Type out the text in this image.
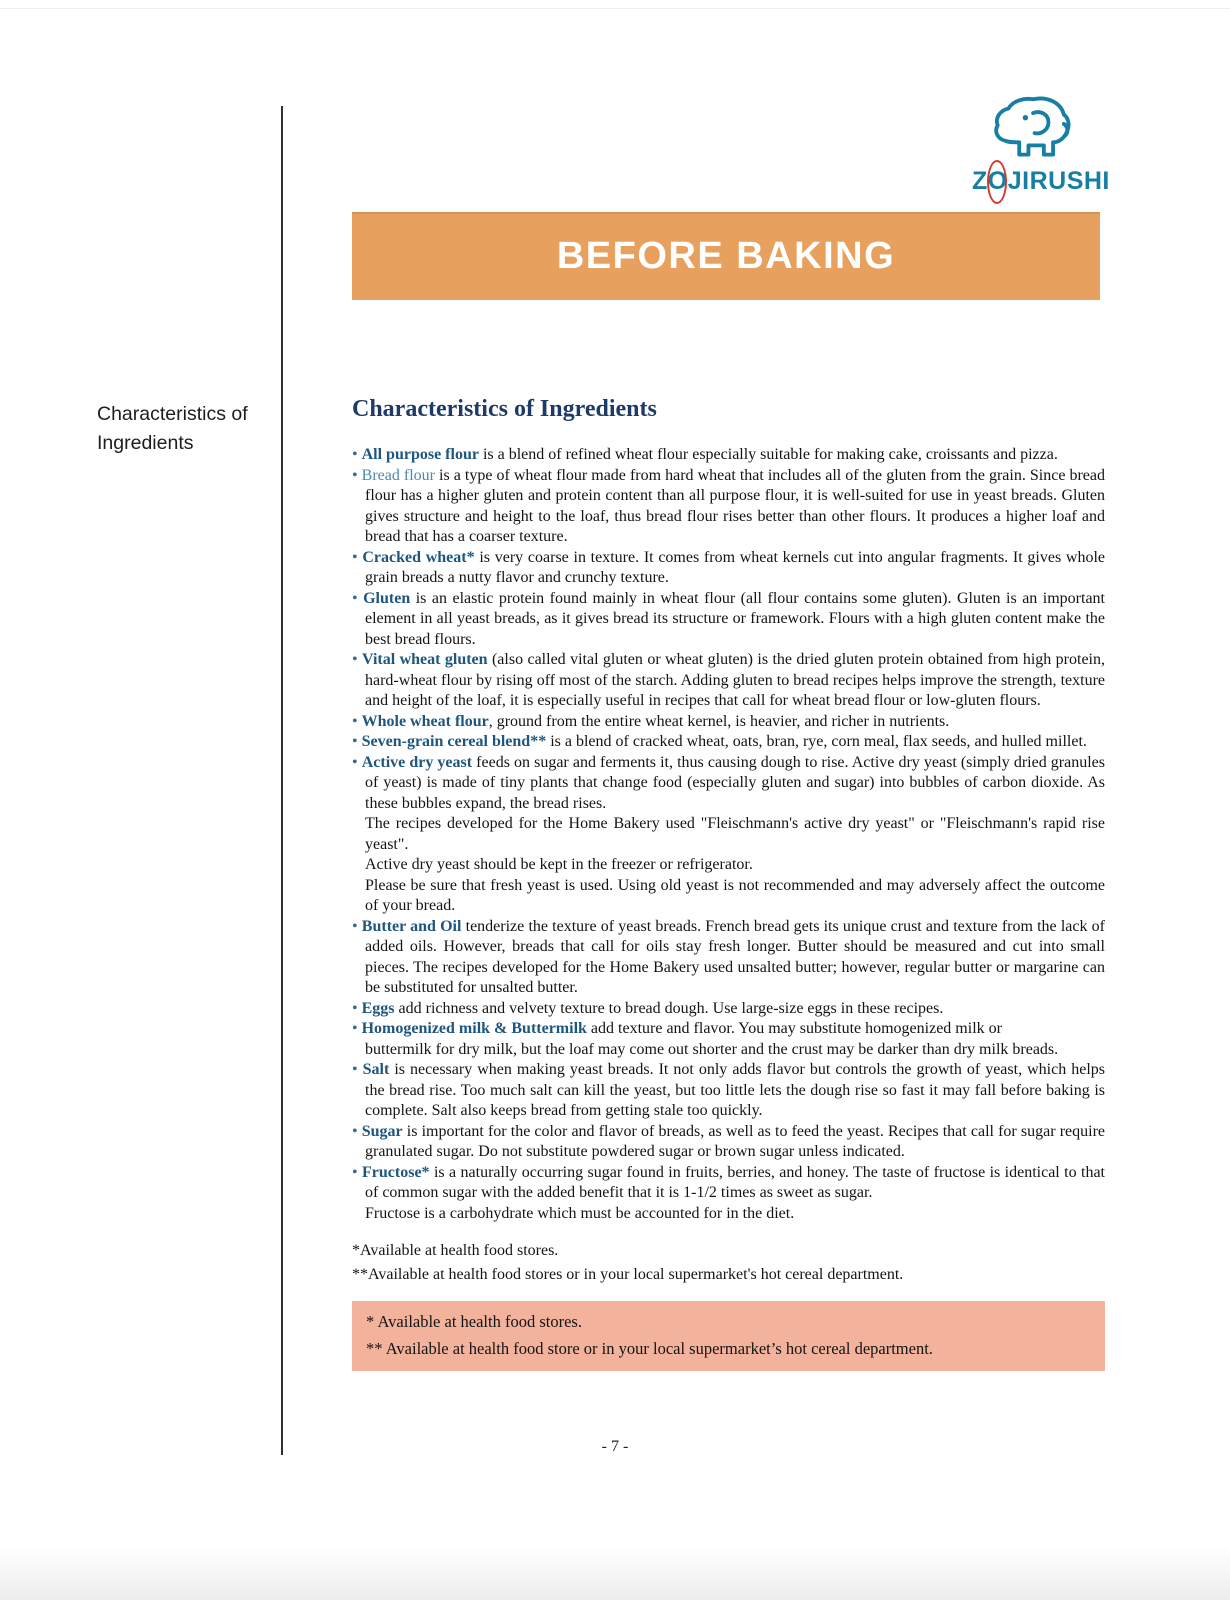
ZOJIRUSHI
BEFORE BAKING
Characteristics of Ingredients
Characteristics of Ingredients
• All purpose flour is a blend of refined wheat flour especially suitable for making cake, croissants and pizza.
• Bread flour is a type of wheat flour made from hard wheat that includes all of the gluten from the grain. Since bread flour has a higher gluten and protein content than all purpose flour, it is well-suited for use in yeast breads. Gluten gives structure and height to the loaf, thus bread flour rises better than other flours. It produces a higher loaf and bread that has a coarser texture.
• Cracked wheat* is very coarse in texture. It comes from wheat kernels cut into angular fragments. It gives whole grain breads a nutty flavor and crunchy texture.
• Gluten is an elastic protein found mainly in wheat flour (all flour contains some gluten). Gluten is an important element in all yeast breads, as it gives bread its structure or framework. Flours with a high gluten content make the best bread flours.
• Vital wheat gluten (also called vital gluten or wheat gluten) is the dried gluten protein obtained from high protein, hard-wheat flour by rising off most of the starch. Adding gluten to bread recipes helps improve the strength, texture and height of the loaf, it is especially useful in recipes that call for wheat bread flour or low-gluten flours.
• Whole wheat flour, ground from the entire wheat kernel, is heavier, and richer in nutrients.
• Seven-grain cereal blend** is a blend of cracked wheat, oats, bran, rye, corn meal, flax seeds, and hulled millet.
• Active dry yeast feeds on sugar and ferments it, thus causing dough to rise. Active dry yeast (simply dried granules of yeast) is made of tiny plants that change food (especially gluten and sugar) into bubbles of carbon dioxide. As these bubbles expand, the bread rises.
The recipes developed for the Home Bakery used "Fleischmann's active dry yeast" or "Fleischmann's rapid rise yeast".
Active dry yeast should be kept in the freezer or refrigerator.
Please be sure that fresh yeast is used. Using old yeast is not recommended and may adversely affect the outcome of your bread.
• Butter and Oil tenderize the texture of yeast breads. French bread gets its unique crust and texture from the lack of added oils. However, breads that call for oils stay fresh longer. Butter should be measured and cut into small pieces. The recipes developed for the Home Bakery used unsalted butter; however, regular butter or margarine can be substituted for unsalted butter.
• Eggs add richness and velvety texture to bread dough. Use large-size eggs in these recipes.
• Homogenized milk & Buttermilk add texture and flavor. You may substitute homogenized milk or
buttermilk for dry milk, but the loaf may come out shorter and the crust may be darker than dry milk breads.
• Salt is necessary when making yeast breads. It not only adds flavor but controls the growth of yeast, which helps the bread rise. Too much salt can kill the yeast, but too little lets the dough rise so fast it may fall before baking is complete. Salt also keeps bread from getting stale too quickly.
• Sugar is important for the color and flavor of breads, as well as to feed the yeast. Recipes that call for sugar require granulated sugar. Do not substitute powdered sugar or brown sugar unless indicated.
• Fructose* is a naturally occurring sugar found in fruits, berries, and honey. The taste of fructose is identical to that of common sugar with the added benefit that it is 1-1/2 times as sweet as sugar.
Fructose is a carbohydrate which must be accounted for in the diet.
*Available at health food stores.
**Available at health food stores or in your local supermarket's hot cereal department.
* Available at health food stores.
** Available at health food store or in your local supermarket’s hot cereal department.
- 7 -
